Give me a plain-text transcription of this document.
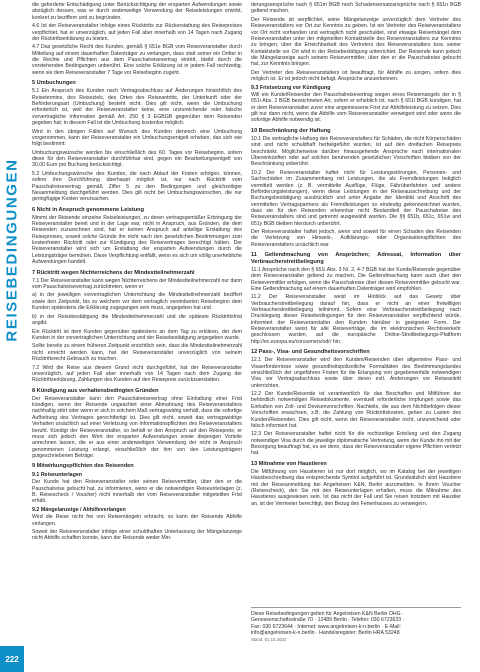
REISEBEDINGUNGEN
222

die geforderte Entschädigung unter Berücksichtigung der ersparten Aufwendungen sowie abzüglich dessen, was er durch anderweitige Verwendung der Reiseleistungen erwirbt, konkret zu beziffern und zu begründen.

4.6 Ist der Reiseveranstalter infolge eines Rücktritts zur Rückerstattung des Reisepreises verpflichtet, hat er unverzüglich, auf jeden Fall aber innerhalb von 14 Tagen nach Zugang der Rücktrittserklärung zu leisten.

4.7 Das gesetzliche Recht des Kunden, gemäß § 651e BGB vom Reiseveranstalter durch Mitteilung auf einem dauerhaften Datenträger zu verlangen, dass statt seiner ein Dritter in die Rechte und Pflichten aus dem Pauschalreisevertrag eintritt, bleibt durch die vorstehenden Bedingungen unberührt. Eine solche Erklärung ist in jedem Fall rechtzeitig, wenn sie dem Reiseveranstalter 7 Tage vor Reisebeginn zugeht.

5 Umbuchungen

5.1 Ein Anspruch des Kunden nach Vertragsabschluss auf Änderungen hinsichtlich des Reisetermins, des Reiseziels, des Ortes des Reiseantritts, der Unterkunft oder der Beförderungsart (Umbuchung) besteht nicht. Dies gilt nicht, wenn die Umbuchung erforderlich ist, weil der Reiseveranstalter keine, eine unzureichende oder falsche vorvertragliche Information gemäß Art. 250 § 3 EGBGB gegenüber dem Reisenden gegeben hat; in diesem Fall ist die Umbuchung kostenlos möglich.

Wird in den übrigen Fällen auf Wunsch des Kunden dennoch eine Umbuchung vorgenommen, kann der Reiseveranstalter ein Umbuchungsentgelt erheben, das sich wie folgt bestimmt:

Umbuchungswünsche werden bis einschließlich des 60. Tages vor Reisebeginn, sofern diese für den Reiseveranstalter durchführbar sind, gegen ein Bearbeitungsentgelt von 30,00 Euro pro Buchung berücksichtigt.

5.2 Umbuchungswünsche des Kunden, die nach Ablauf der Fristen erfolgen, können, sofern ihre Durchführung überhaupt möglich ist, nur nach Rücktritt vom Pauschalreisevertrag gemäß Ziffer 5 zu den Bedingungen und gleichzeitiger Neuanmeldung durchgeführt werden. Dies gilt nicht bei Umbuchungswünschen, die nur geringfügige Kosten verursachen.

6 Nicht in Anspruch genommene Leistung

Nimmt der Reisende einzelne Reiseleistungen, zu deren vertragsgemäßer Erbringung der Reiseveranstalter bereit und in der Lage war, nicht in Anspruch, aus Gründen, die dem Reisenden zuzurechnen sind, hat er keinen Anspruch auf anteilige Erstattung des Reisepreises, soweit solche Gründe ihn nicht nach den gesetzlichen Bestimmungen zum kostenfreien Rücktritt oder zur Kündigung des Reisevertrages berechtigt hätten. Der Reiseveranstalter wird sich um Erstattung der ersparten Aufwendungen durch die Leistungsträger bemühen. Diese Verpflichtung entfällt, wenn es sich um völlig unerhebliche Aufwendungen handelt.

7 Rücktritt wegen Nichterreichens der Mindestteilnehmerzahl

7.1 Der Reiseveranstalter kann wegen Nichterreichens der Mindestteilnehmerzahl nur dann vom Pauschalreisevertrag zurücktreten, wenn er

a) in der jeweiligen vorvertraglichen Unterrichtung die Mindestteilnehmerzahl beziffert sowie den Zeitpunkt, bis zu welchem vor dem vertraglich vereinbarten Reisebeginn dem Kunden spätestens die Erklärung zugegangen sein muss, angegeben hat und

b) in der Reisebestätigung die Mindestteilnehmerzahl und die späteste Rücktrittsfrist angibt.

Ein Rücktritt ist dem Kunden gegenüber spätestens an dem Tag zu erklären, der dem Kunden in der vorvertraglichen Unterrichtung und der Reisebestätigung angegeben wurde.

Sollte bereits zu einem früheren Zeitpunkt ersichtlich sein, dass die Mindestteilnehmerzahl nicht erreicht werden kann, hat der Reiseveranstalter unverzüglich von seinem Rücktrittsrecht Gebrauch zu machen.

7.2 Wird die Reise aus diesem Grund nicht durchgeführt, hat der Reiseveranstalter unverzüglich, auf jeden Fall aber innerhalb von 14 Tagen nach dem Zugang der Rücktrittserklärung, Zahlungen des Kunden auf den Reisepreis zurückzuerstatten.

8 Kündigung aus verhaltensbedingten Gründen

Der Reiseveranstalter kann den Pauschalreisevertrag ohne Einhaltung einer Frist kündigen, wenn der Reisende ungeachtet einer Abmahnung des Reiseveranstalters nachhaltig stört oder wenn er sich in solchem Maß vertragswidrig verhält, dass die sofortige Aufhebung des Vertrages gerechtfertigt ist. Dies gilt nicht, soweit das vertragswidrige Verhalten ursächlich auf einer Verletzung von Informationspflichten des Reiseveranstalters beruht. Kündigt der Reiseveranstalter, so behält er den Anspruch auf den Reisepreis; er muss sich jedoch den Wert der ersparten Aufwendungen sowie diejenigen Vorteile anrechnen lassen, die er aus einer anderweitigen Verwendung der nicht in Anspruch genommenen Leistung erlangt, einschließlich der ihm von den Leistungsträgern gutgeschriebenen Beträge.

9 Mitwirkungspflichten des Reisenden
9.1 Reiseunterlagen

Der Kunde hat den Reiseveranstalter oder seinen Reisevermittler, über den er die Pauschalreise gebucht hat, zu informieren, wenn er die notwendigen Reiseunterlagen (z. B. Reisescheck / Voucher) nicht innerhalb der vom Reiseveranstalter mitgeteilten Frist erhält.

9.2 Mängelanzeige / Abhilfeverlangen

Wird die Reise nicht frei von Reisemängeln erbracht, so kann der Reisende Abhilfe verlangen.

Soweit der Reiseveranstalter infolge einer schuldhaften Unterlassung der Mängelanzeige nicht Abhilfe schaffen konnte, kann der Reisende weder Min-

derungsansprüche nach § 651m BGB noch Schadensersatzansprüche nach § 651n BGB geltend machen.

Der Reisende ist verpflichtet, seine Mängelanzeige unverzüglich dem Vertreter des Reiseveranstalters vor Ort zur Kenntnis zu geben. Ist ein Vertreter des Reiseveranstalters vor Ort nicht vorhanden und vertraglich nicht geschuldet, sind etwaige Reisemängel dem Reiseveranstalter unter der mitgeteilten Kontaktstelle des Reiseveranstalters zur Kenntnis zu bringen; über die Erreichbarkeit des Vertreters des Reiseveranstalters bzw. seiner Kontaktstelle vor Ort wird in der Reisebestätigung unterrichtet. Der Reisende kann jedoch die Mängelanzeige auch seinem Reisevermittler, über den er die Pauschalreise gebucht hat, zur Kenntnis bringen.

Der Vertreter des Reiseveranstalters ist beauftragt, für Abhilfe zu sorgen, sofern dies möglich ist. Er ist jedoch nicht befugt, Ansprüche anzuerkennen.

9.3 Fristsetzung vor Kündigung

Will ein Kunde/Reisender den Pauschalreisevertrag wegen eines Reisemangels der in § 651i Abs. 2 BGB bezeichneten Art, sofern er erheblich ist, nach § 651l BGB kündigen, hat er dem Reiseveranstalter zuvor eine angemessene Frist zur Abhilfeleistung zu setzen. Dies gilt nur dann nicht, wenn die Abhilfe vom Reiseveranstalter verweigert wird oder wenn die sofortige Abhilfe notwendig ist.

10 Beschränkung der Haftung

10.1 Die vertragliche Haftung des Reiseveranstalters für Schäden, die nicht Körperschäden sind und nicht schuldhaft herbeigeführt wurden, ist auf den dreifachen Reisepreis beschränkt. Möglicherweise darüber hinausgehende Ansprüche nach internationalen Übereinkünften oder auf solchen beruhenden gesetzlichen Vorschriften bleiben von der Beschränkung unberührt.

10.2 Der Reiseveranstalter haftet nicht für Leistungsstörungen, Personen- und Sachschäden im Zusammenhang mit Leistungen, die als Fremdleistungen lediglich vermittelt werden (z. B. vermittelte Ausflüge, Flüge, Fährüberfahrten und andere Beförderungsleistungen), wenn diese Leistungen in der Reiseausschreibung und der Buchungsbestätigung ausdrücklich und unter Angabe der Identität und Anschrift des vermittelten Vertragspartners als Fremdleistungen so eindeutig gekennzeichnet wurden, dass sie für den Reisenden erkennbar nicht Bestandteil der Pauschalreise des Reiseveranstalters sind und getrennt ausgewählt wurden. Die §§ 651b, 651c, 651w und 651y BGB bleiben hierdurch unberührt.

Der Reiseveranstalter haftet jedoch, wenn und soweit für einen Schaden des Reisenden die Verletzung von Hinweis-, Aufklärungs- oder Organisationspflichten des Reiseveranstalters ursächlich war.

11 Geltendmachung von Ansprüchen; Adressat, Information über Verbraucherstreitbeilegung

11.1 Ansprüche nach den § 651i Abs. 3 Nr. 2, 4-7 BGB hat der Kunde/Reisende gegenüber dem Reiseveranstalter geltend zu machen. Die Geltendmachung kann auch über den Reisevermittler erfolgen, wenn die Pauschalreise über diesen Reisevermittler gebucht war. Eine Geltendmachung auf einem dauerhaften Datenträger wird empfohlen.

11.2 Der Reiseveranstalter weist im Hinblick auf das Gesetz über Verbraucherstreitbeilegung darauf hin, dass er nicht an einer freiwilligen Verbraucherstreitbeilegung teilnimmt. Sofern eine Verbraucherstreitbeilegung nach Drucklegung dieser Reisebedingungen für den Reiseveranstalter verpflichtend würde, informiert der Reiseveranstalter den Kunden hierüber in geeigneter Form. Der Reiseveranstalter weist für alle Reiseverträge, die im elektronischen Rechtsverkehr geschlossen wurden, auf die europäische Online-Streitbeilegungs-Plattform http://ec.europa.eu/consumers/odr/ hin.

12 Pass-, Visa- und Gesundheitsvorschriften

12.1 Der Reiseveranstalter wird den Kunden/Reisenden über allgemeine Pass- und Visaerfordernisse sowie gesundheitspolizeiliche Formalitäten des Bestimmungslandes einschließlich der ungefähren Fristen für die Erlangung von gegebenenfalls notwendigen Visa vor Vertragsabschluss sowie über deren evtl. Änderungen vor Reiseantritt unterrichten.

12.2 Der Kunde/Reisende ist verantwortlich für das Beschaffen und Mitführen der behördlich notwendigen Reisedokumente, eventuell erforderliche Impfungen sowie das Einhalten von Zoll- und Devisenvorschriften. Nachteile, die aus dem Nichtbefolgen dieser Vorschriften erwachsen, z.B. die Zahlung von Rücktrittskosten, gehen zu Lasten des Kunden/Reisenden. Dies gilt nicht, wenn der Reiseveranstalter nicht, unzureichend oder falsch informiert hat.

12.3 Der Reiseveranstalter haftet nicht für die rechtzeitige Erteilung und den Zugang notwendiger Visa durch die jeweilige diplomatische Vertretung, wenn der Kunde ihn mit der Besorgung beauftragt hat, es sei denn, dass der Reiseveranstalter eigene Pflichten verletzt hat.

13 Mitnahme von Haustieren

Die Mitführung von Haustieren ist nur dort möglich, wo im Katalog bei der jeweiligen Hausbeschreibung das entsprechende Symbol aufgeführt ist. Grundsätzlich sind Haustiere mit der Reiseanmeldung bei Angelreisen K&N, Berlin anzumelden. In Ihrem Voucher (Reisescheck), den Sie mit den Reiseunterlagen erhalten, muss die Mitnahme des Haustieres ausgewiesen sein. Ist das nicht der Fall und Sie reisen trotzdem mit Haustier an, ist der Vermieter berechtigt, den Bezug des Ferienhauses zu verweigern.

Diese Reisebedingungen gelten für Angelreisen K&N Berlin OHG ·
Genossenschaftsstraße 70 · 12489 Berlin · Telefon: 030 6723633 ·
Fax: 030 6723644 · Internet: www.angelreisen-k-n.berlin · E-Mail:
info@angelreisen-k-n.berlin · Handelsregister: Berlin HRA 53248
Stand: 01.10.2022
